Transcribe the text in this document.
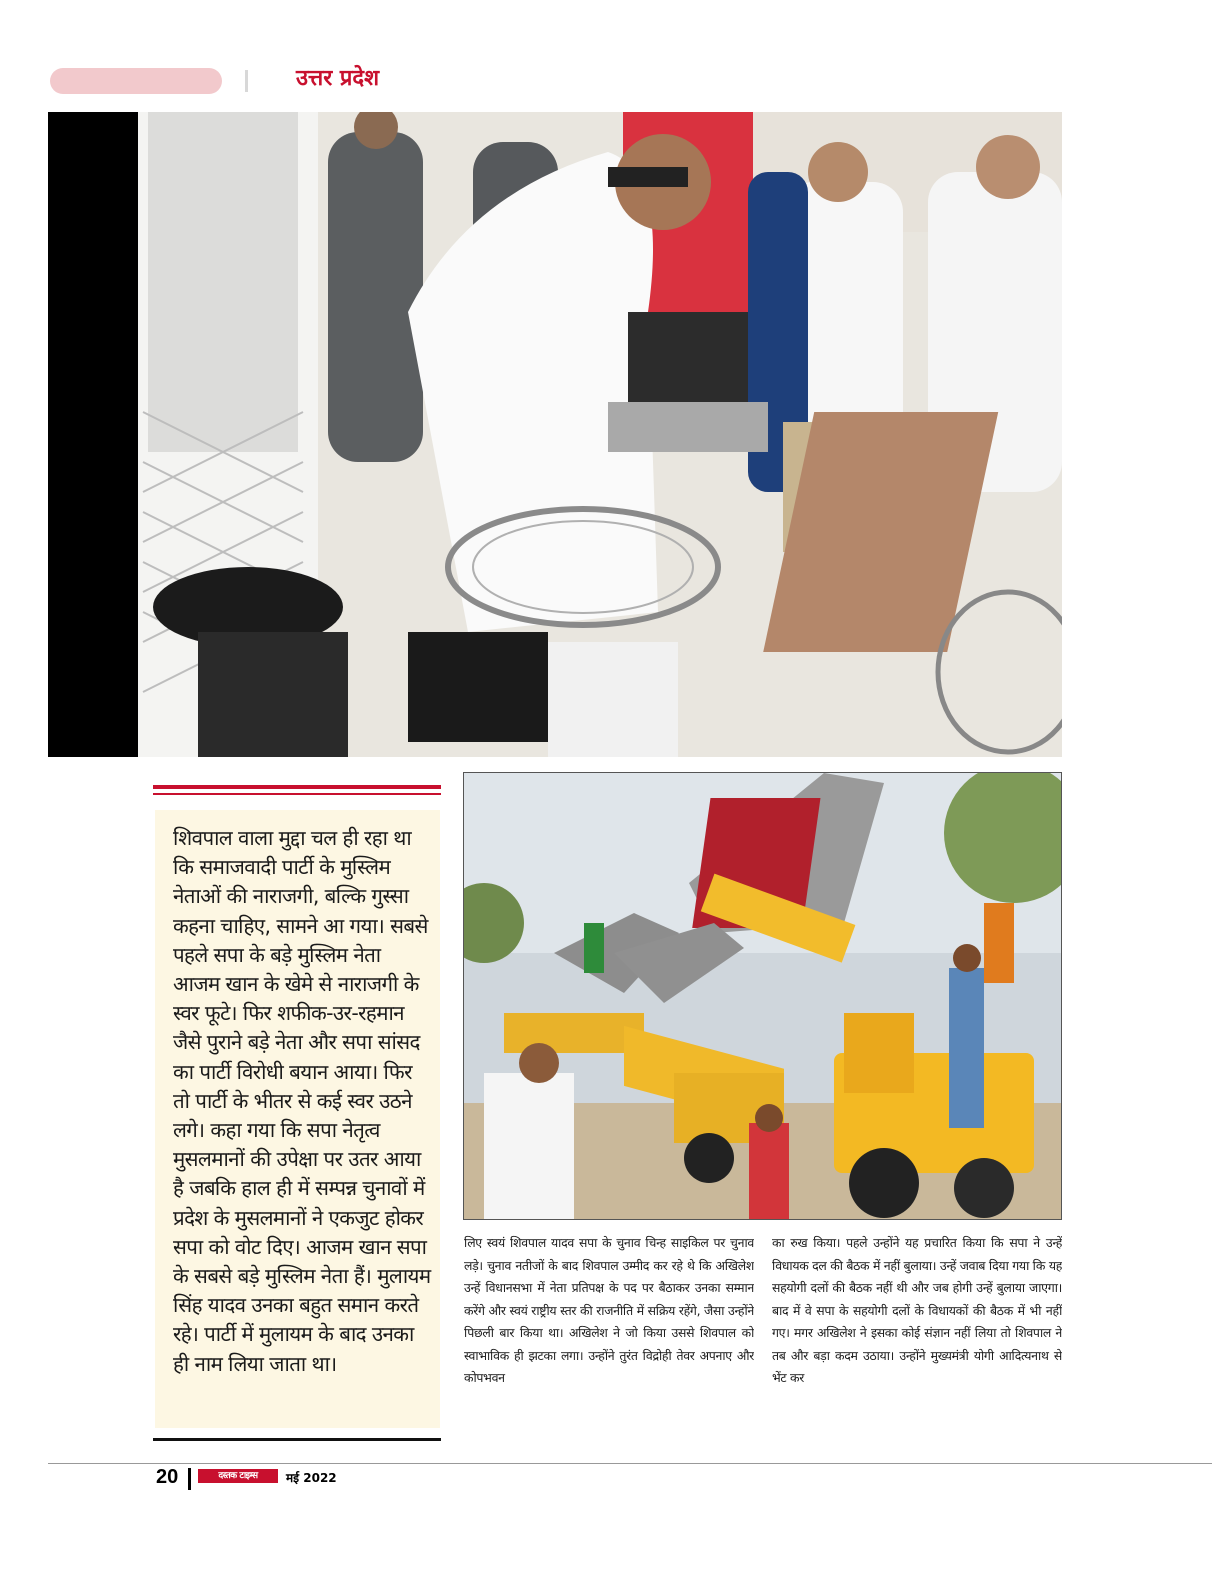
उत्तर प्रदेश

शिवपाल वाला मुद्दा चल ही रहा था कि समाजवादी पार्टी के मुस्लिम नेताओं की नाराजगी, बल्कि गुस्सा कहना चाहिए, सामने आ गया। सबसे पहले सपा के बड़े मुस्लिम नेता आजम खान के खेमे से नाराजगी के स्वर फूटे। फिर शफीक-उर-रहमान जैसे पुराने बड़े नेता और सपा सांसद का पार्टी विरोधी बयान आया। फिर तो पार्टी के भीतर से कई स्वर उठने लगे। कहा गया कि सपा नेतृत्व मुसलमानों की उपेक्षा पर उतर आया है जबकि हाल ही में सम्पन्न चुनावों में प्रदेश के मुसलमानों ने एकजुट होकर सपा को वोट दिए। आजम खान सपा के सबसे बड़े मुस्लिम नेता हैं। मुलायम सिंह यादव उनका बहुत समान करते रहे। पार्टी में मुलायम के बाद उनका ही नाम लिया जाता था।

लिए स्वयं शिवपाल यादव सपा के चुनाव चिन्ह साइकिल पर चुनाव लड़े। चुनाव नतीजों के बाद शिवपाल उम्मीद कर रहे थे कि अखिलेश उन्हें विधानसभा में नेता प्रतिपक्ष के पद पर बैठाकर उनका सम्मान करेंगे और स्वयं राष्ट्रीय स्तर की राजनीति में सक्रिय रहेंगे, जैसा उन्होंने पिछली बार किया था। अखिलेश ने जो किया उससे शिवपाल को स्वाभाविक ही झटका लगा। उन्होंने तुरंत विद्रोही तेवर अपनाए और कोपभवन

का रुख किया। पहले उन्होंने यह प्रचारित किया कि सपा ने उन्हें विधायक दल की बैठक में नहीं बुलाया। उन्हें जवाब दिया गया कि यह सहयोगी दलों की बैठक नहीं थी और जब होगी उन्हें बुलाया जाएगा। बाद में वे सपा के सहयोगी दलों के विधायकों की बैठक में भी नहीं गए। मगर अखिलेश ने इसका कोई संज्ञान नहीं लिया तो शिवपाल ने तब और बड़ा कदम उठाया। उन्होंने मुख्यमंत्री योगी आदित्यनाथ से भेंट कर

20	दस्तक टाइम्स	मई 2022
